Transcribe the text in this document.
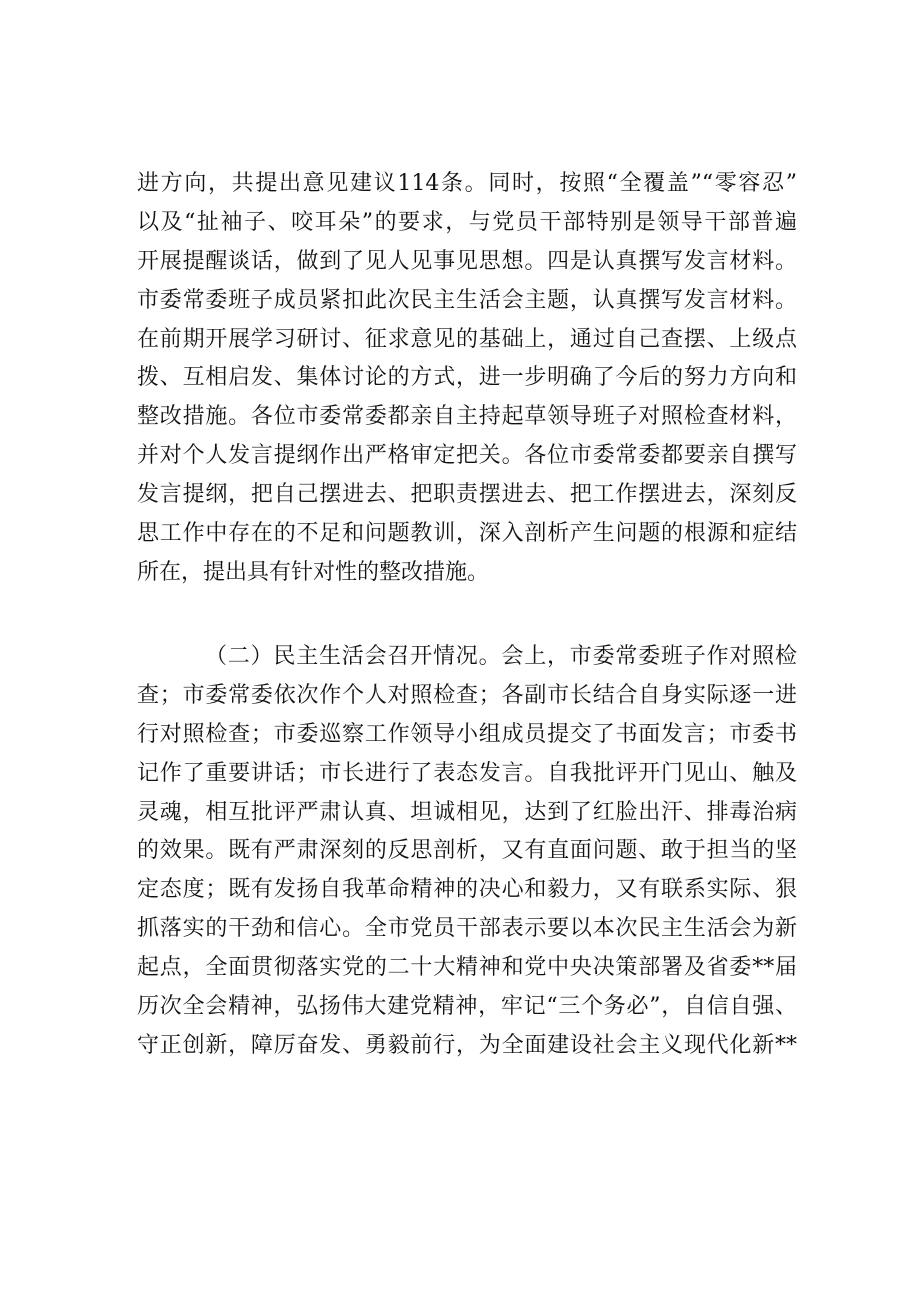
进方向，共提出意见建议114条。同时，按照“全覆盖”“零容忍”
以及“扯袖子、咬耳朵”的要求，与党员干部特别是领导干部普遍
开展提醒谈话，做到了见人见事见思想。四是认真撰写发言材料。
市委常委班子成员紧扣此次民主生活会主题，认真撰写发言材料。
在前期开展学习研讨、征求意见的基础上，通过自己查摆、上级点
拨、互相启发、集体讨论的方式，进一步明确了今后的努力方向和
整改措施。各位市委常委都亲自主持起草领导班子对照检查材料，
并对个人发言提纲作出严格审定把关。各位市委常委都要亲自撰写
发言提纲，把自己摆进去、把职责摆进去、把工作摆进去，深刻反
思工作中存在的不足和问题教训，深入剖析产生问题的根源和症结
所在，提出具有针对性的整改措施。
（二）民主生活会召开情况。会上，市委常委班子作对照检
查；市委常委依次作个人对照检查；各副市长结合自身实际逐一进
行对照检查；市委巡察工作领导小组成员提交了书面发言；市委书
记作了重要讲话；市长进行了表态发言。自我批评开门见山、触及
灵魂，相互批评严肃认真、坦诚相见，达到了红脸出汗、排毒治病
的效果。既有严肃深刻的反思剖析，又有直面问题、敢于担当的坚
定态度；既有发扬自我革命精神的决心和毅力，又有联系实际、狠
抓落实的干劲和信心。全市党员干部表示要以本次民主生活会为新
起点，全面贯彻落实党的二十大精神和党中央决策部署及省委**届
历次全会精神，弘扬伟大建党精神，牢记“三个务必”，自信自强、
守正创新，障厉奋发、勇毅前行，为全面建设社会主义现代化新**
